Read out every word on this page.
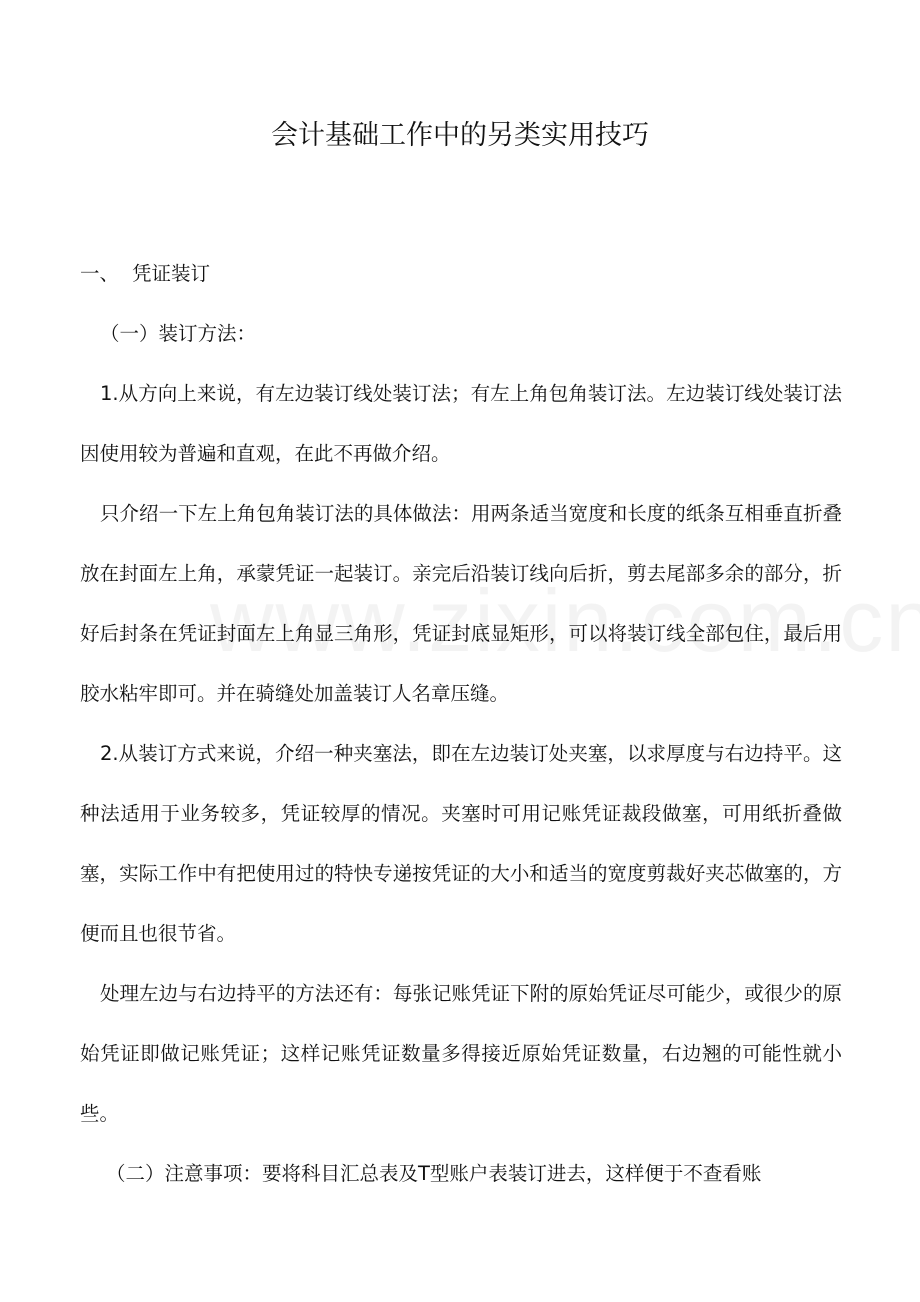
会计基础工作中的另类实用技巧

一、 凭证装订

（一）装订方法：

1.从方向上来说，有左边装订线处装订法；有左上角包角装订法。左边装订线处装订法因使用较为普遍和直观，在此不再做介绍。

只介绍一下左上角包角装订法的具体做法：用两条适当宽度和长度的纸条互相垂直折叠放在封面左上角，承蒙凭证一起装订。亲完后沿装订线向后折，剪去尾部多余的部分，折好后封条在凭证封面左上角显三角形，凭证封底显矩形，可以将装订线全部包住，最后用胶水粘牢即可。并在骑缝处加盖装订人名章压缝。

2.从装订方式来说，介绍一种夹塞法，即在左边装订处夹塞，以求厚度与右边持平。这种法适用于业务较多，凭证较厚的情况。夹塞时可用记账凭证裁段做塞，可用纸折叠做塞，实际工作中有把使用过的特快专递按凭证的大小和适当的宽度剪裁好夹芯做塞的，方便而且也很节省。

处理左边与右边持平的方法还有：每张记账凭证下附的原始凭证尽可能少，或很少的原始凭证即做记账凭证；这样记账凭证数量多得接近原始凭证数量，右边翘的可能性就小些。

（二）注意事项：要将科目汇总表及T型账户表装订进去，这样便于不查看账
